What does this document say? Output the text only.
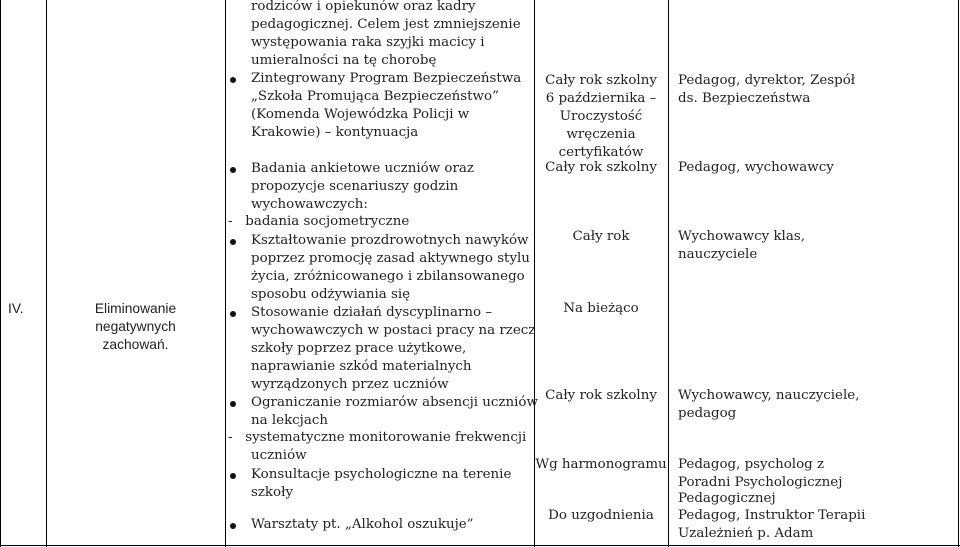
IV.	Eliminowanie
negatywnych
zachowań.
rodziców i opiekunów oraz kadry
pedagogicznej. Celem jest zmniejszenie
występowania raka szyjki macicy i
umieralności na tę chorobę
Zintegrowany Program Bezpieczeństwa
„Szkoła Promująca Bezpieczeństwo”
(Komenda Wojewódzka Policji w
Krakowie) – kontynuacja
Badania ankietowe uczniów oraz
propozycje scenariuszy godzin
wychowawczych:
-   badania socjometryczne
Kształtowanie prozdrowotnych nawyków
poprzez promocję zasad aktywnego stylu
życia, zróżnicowanego i zbilansowanego
sposobu odżywiania się
Stosowanie działań dyscyplinarno –
wychowawczych w postaci pracy na rzecz
szkoły poprzez prace użytkowe,
naprawianie szkód materialnych
wyrządzonych przez uczniów
Ograniczanie rozmiarów absencji uczniów
na lekcjach
-   systematyczne monitorowanie frekwencji
uczniów
Konsultacje psychologiczne na terenie
szkoły
Warsztaty pt. „Alkohol oszukuje”
Cały rok szkolny
6 października –
Uroczystość
wręczenia
certyfikatów
Cały rok szkolny
Cały rok
Na bieżąco
Cały rok szkolny
Wg harmonogramu
Do uzgodnienia
Pedagog, dyrektor, Zespół
ds. Bezpieczeństwa
Pedagog, wychowawcy
Wychowawcy klas,
nauczyciele
Wychowawcy, nauczyciele,
pedagog
Pedagog, psycholog z
Poradni Psychologicznej
Pedagogicznej
Pedagog, Instruktor Terapii
Uzależnień p. Adam
